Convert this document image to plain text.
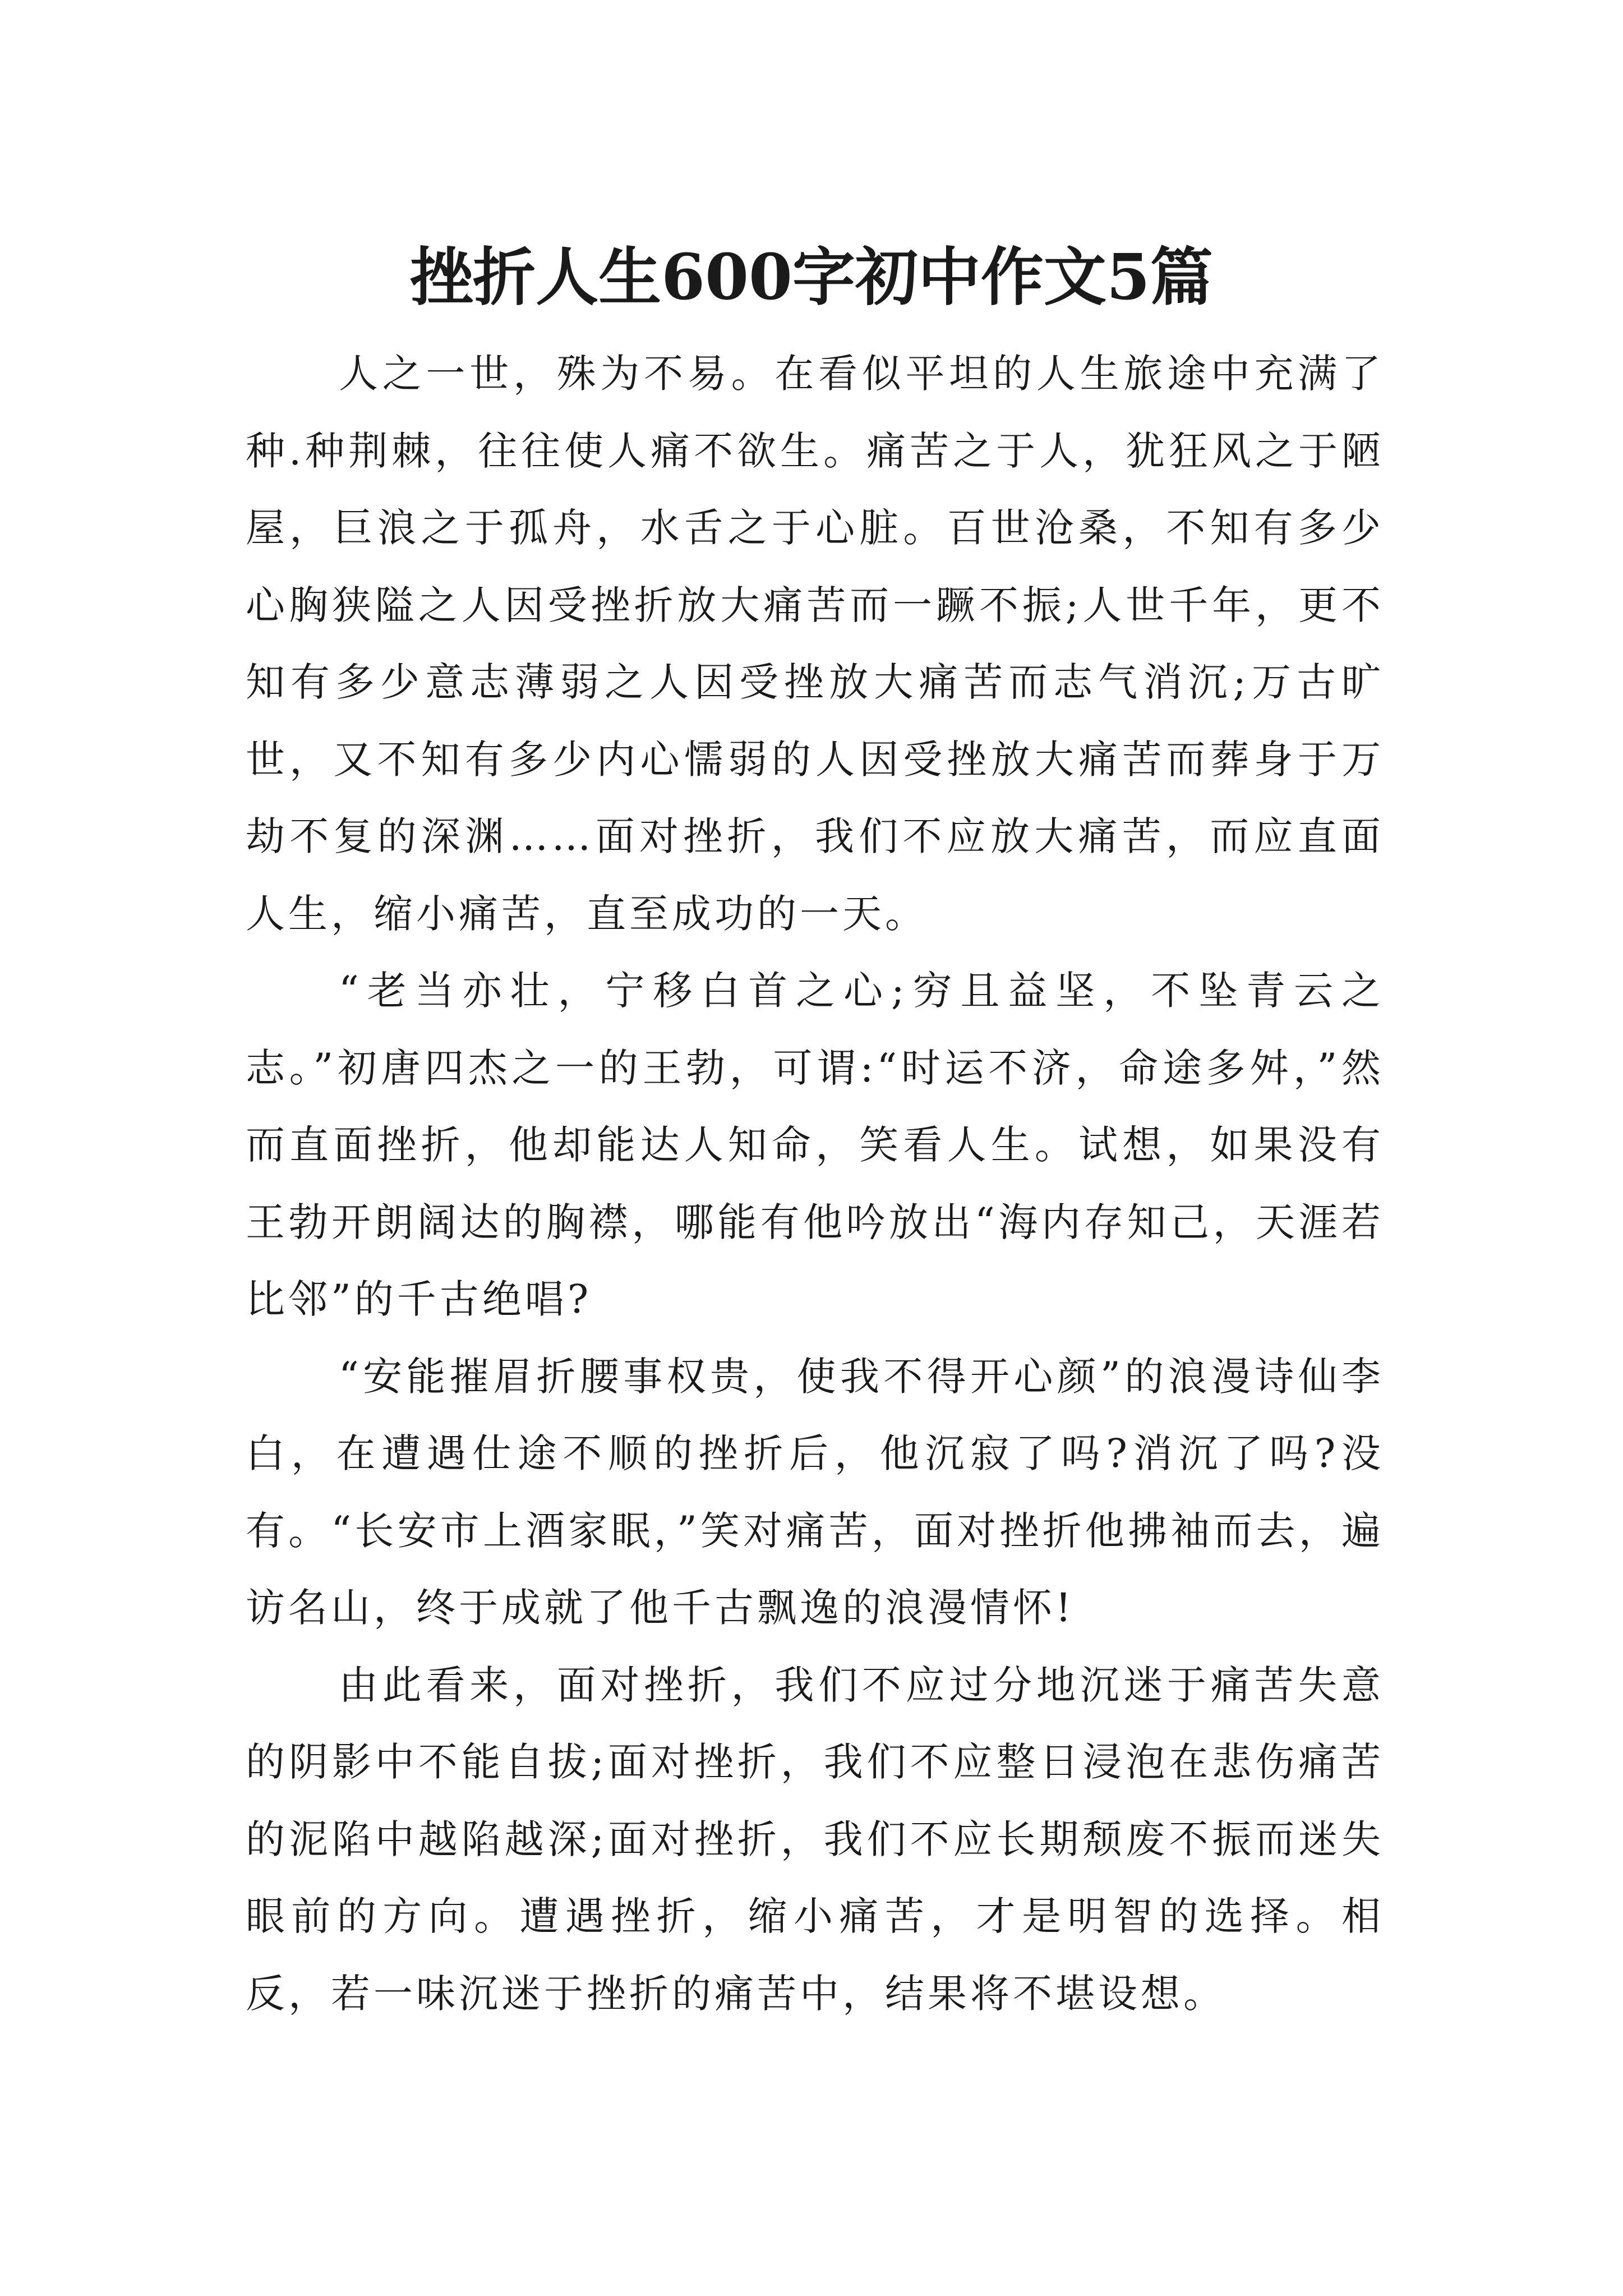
挫折人生600字初中作文5篇

人之一世，殊为不易。在看似平坦的人生旅途中充满了种.种荆棘，往往使人痛不欲生。痛苦之于人，犹狂风之于陋屋，巨浪之于孤舟，水舌之于心脏。百世沧桑，不知有多少心胸狭隘之人因受挫折放大痛苦而一蹶不振;人世千年，更不知有多少意志薄弱之人因受挫放大痛苦而志气消沉;万古旷世，又不知有多少内心懦弱的人因受挫放大痛苦而葬身于万劫不复的深渊……面对挫折，我们不应放大痛苦，而应直面人生，缩小痛苦，直至成功的一天。

“老当亦壮，宁移白首之心;穷且益坚，不坠青云之志。”初唐四杰之一的王勃，可谓:“时运不济，命途多舛，”然而直面挫折，他却能达人知命，笑看人生。试想，如果没有王勃开朗阔达的胸襟，哪能有他吟放出“海内存知己，天涯若比邻”的千古绝唱?

“安能摧眉折腰事权贵，使我不得开心颜”的浪漫诗仙李白，在遭遇仕途不顺的挫折后，他沉寂了吗?消沉了吗?没有。“长安市上酒家眠，”笑对痛苦，面对挫折他拂袖而去，遍访名山，终于成就了他千古飘逸的浪漫情怀!

由此看来，面对挫折，我们不应过分地沉迷于痛苦失意的阴影中不能自拔;面对挫折，我们不应整日浸泡在悲伤痛苦的泥陷中越陷越深;面对挫折，我们不应长期颓废不振而迷失眼前的方向。遭遇挫折，缩小痛苦，才是明智的选择。相反，若一味沉迷于挫折的痛苦中，结果将不堪设想。
